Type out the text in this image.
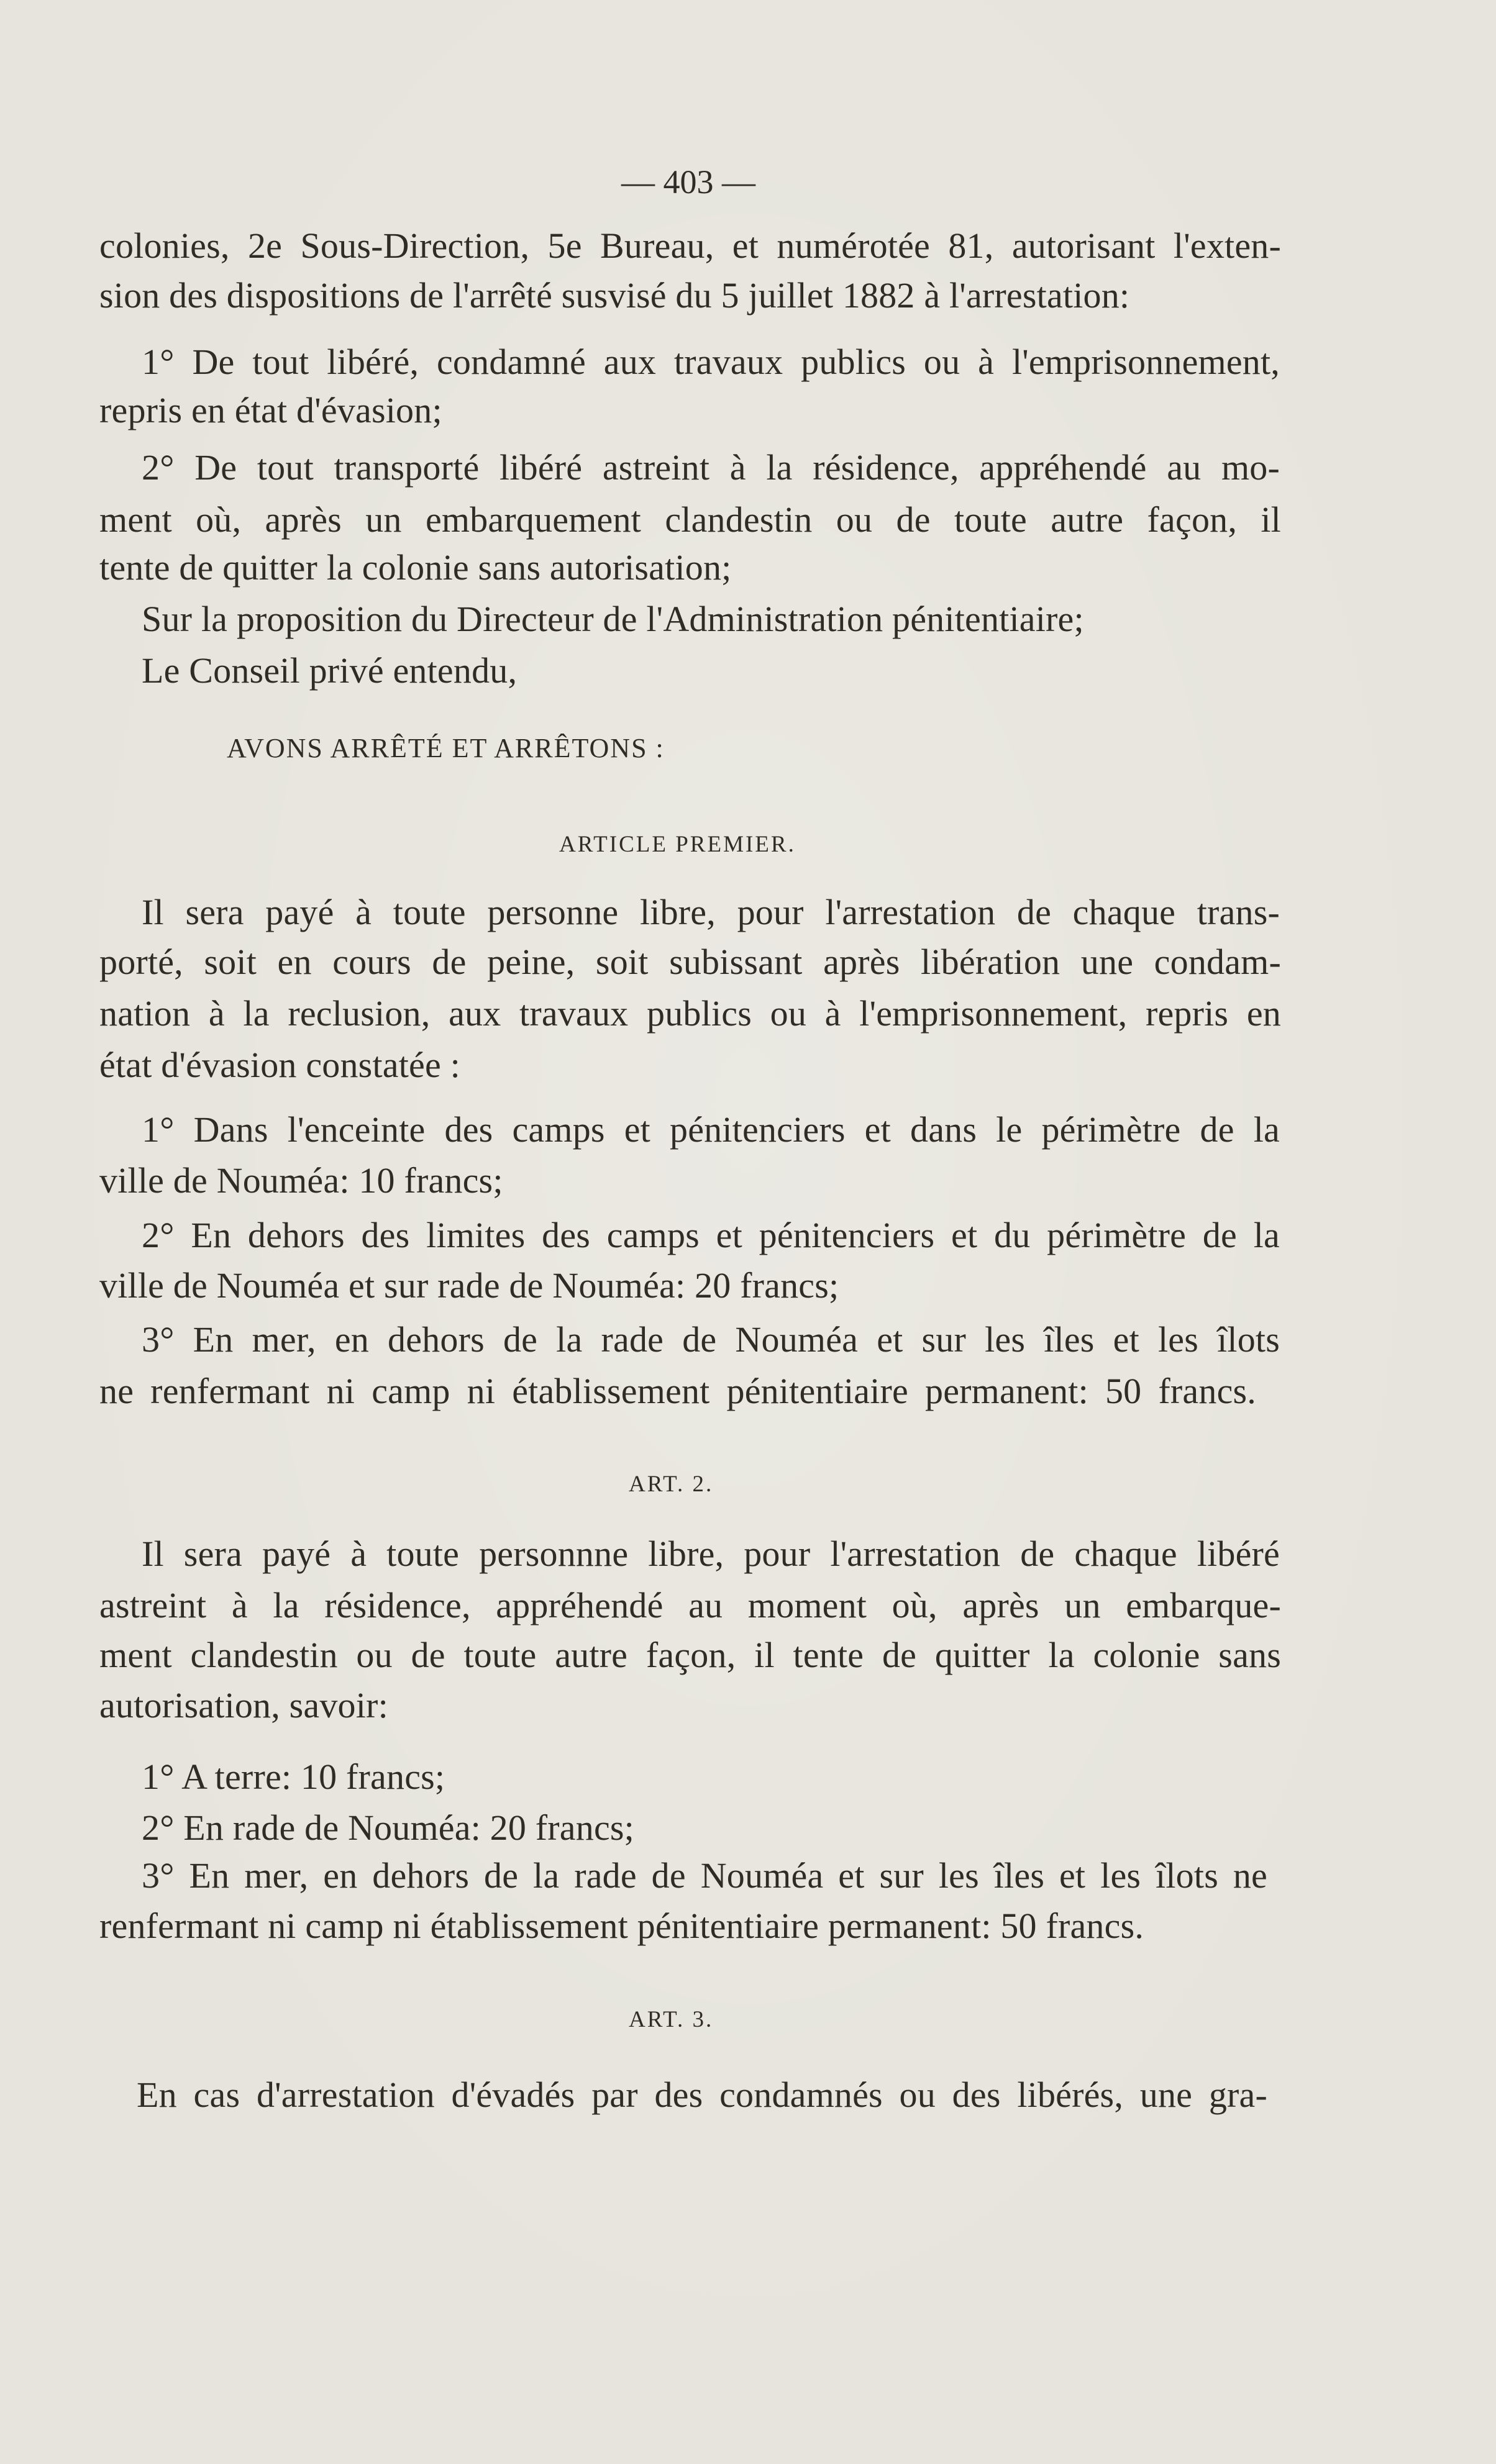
— 403 —
colonies, 2e Sous-Direction, 5e Bureau, et numérotée 81, autorisant l'exten-
sion des dispositions de l'arrêté susvisé du 5 juillet 1882 à l'arrestation:
1° De tout libéré, condamné aux travaux publics ou à l'emprisonnement,
repris en état d'évasion;
2° De tout transporté libéré astreint à la résidence, appréhendé au mo-
ment où, après un embarquement clandestin ou de toute autre façon, il
tente de quitter la colonie sans autorisation;
Sur la proposition du Directeur de l'Administration pénitentiaire;
Le Conseil privé entendu,
AVONS ARRÊTÉ ET ARRÊTONS :
ARTICLE PREMIER.
Il sera payé à toute personne libre, pour l'arrestation de chaque trans-
porté, soit en cours de peine, soit subissant après libération une condam-
nation à la reclusion, aux travaux publics ou à l'emprisonnement, repris en
état d'évasion constatée :
1° Dans l'enceinte des camps et pénitenciers et dans le périmètre de la
ville de Nouméa: 10 francs;
2° En dehors des limites des camps et pénitenciers et du périmètre de la
ville de Nouméa et sur rade de Nouméa: 20 francs;
3° En mer, en dehors de la rade de Nouméa et sur les îles et les îlots
ne renfermant ni camp ni établissement pénitentiaire permanent: 50 francs.
ART. 2.
Il sera payé à toute personnne libre, pour l'arrestation de chaque libéré
astreint à la résidence, appréhendé au moment où, après un embarque-
ment clandestin ou de toute autre façon, il tente de quitter la colonie sans
autorisation, savoir:
1° A terre: 10 francs;
2° En rade de Nouméa: 20 francs;
3° En mer, en dehors de la rade de Nouméa et sur les îles et les îlots ne
renfermant ni camp ni établissement pénitentiaire permanent: 50 francs.
ART. 3.
En cas d'arrestation d'évadés par des condamnés ou des libérés, une gra-
